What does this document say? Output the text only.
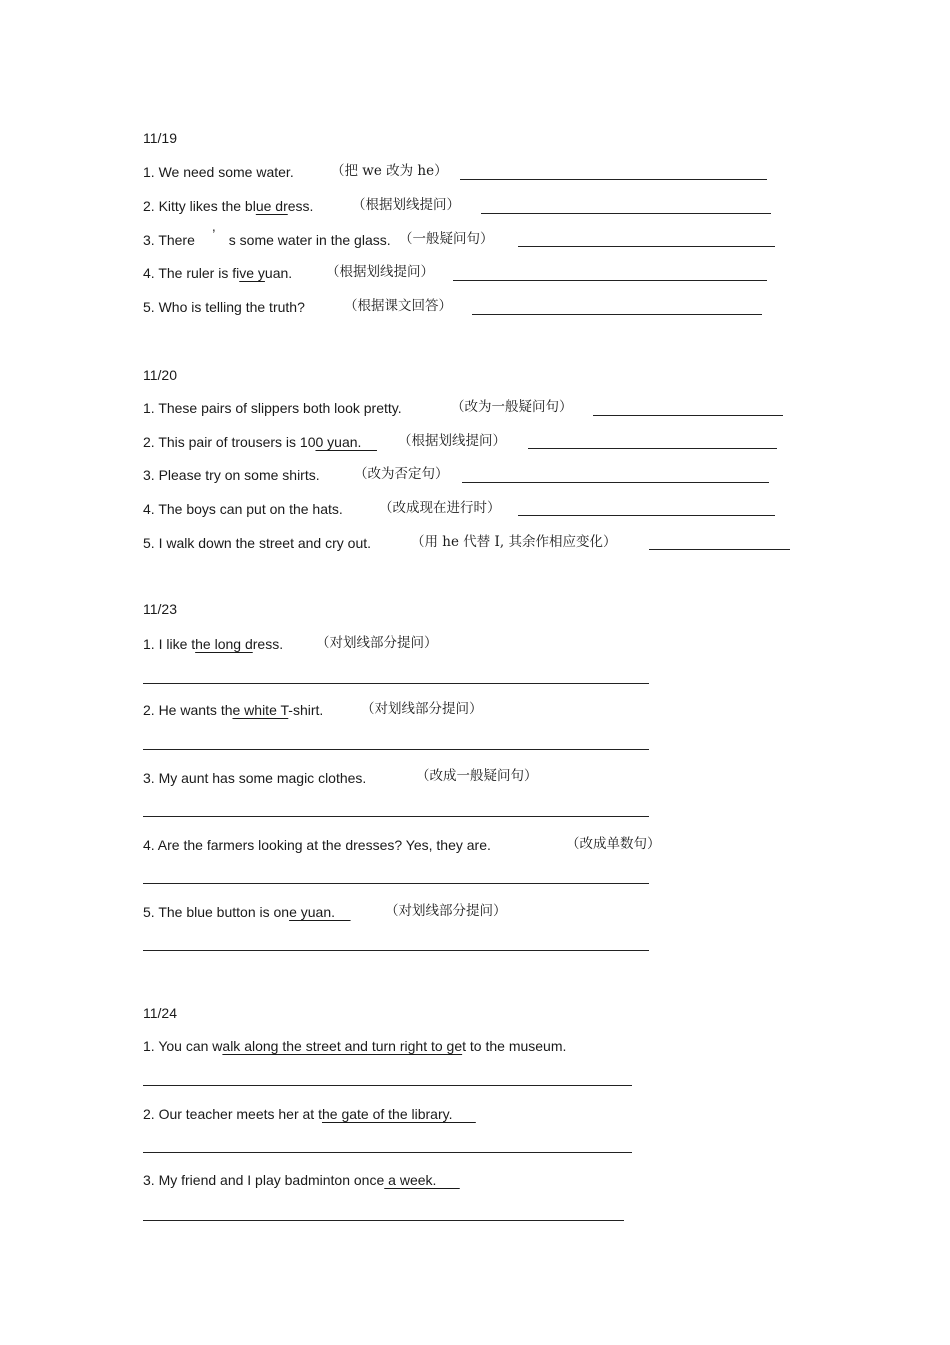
11/19
1. We need some water.	（把 we 改为 he）
2. Kitty likes the blue dress.	（根据划线提问）
3. There ’ s some water in the glass. （一般疑问句）
4. The ruler is five yuan.	（根据划线提问）
5. Who is telling the truth?	（根据课文回答）
11/20
1. These pairs of slippers both look pretty.	（改为一般疑问句）
2. This pair of trousers is 100 yuan. （根据划线提问）
3. Please try on some shirts.	（改为否定句）
4. The boys can put on the hats.	（改成现在进行时）
5. I walk down the street and cry out.	（用 he 代替 I, 其余作相应变化）
11/23
1. I like the long dress. （对划线部分提问）
2. He wants the white T-shirt.	（对划线部分提问）
3. My aunt has some magic clothes.	（改成一般疑问句）
4. Are the farmers looking at the dresses? Yes, they are.	（改成单数句）
5. The blue button is one yuan.	（对划线部分提问）
11/24
1. You can walk along the street and turn right to get to the museum.
2. Our teacher meets her at the gate of the library.
3. My friend and I play badminton once a week.
